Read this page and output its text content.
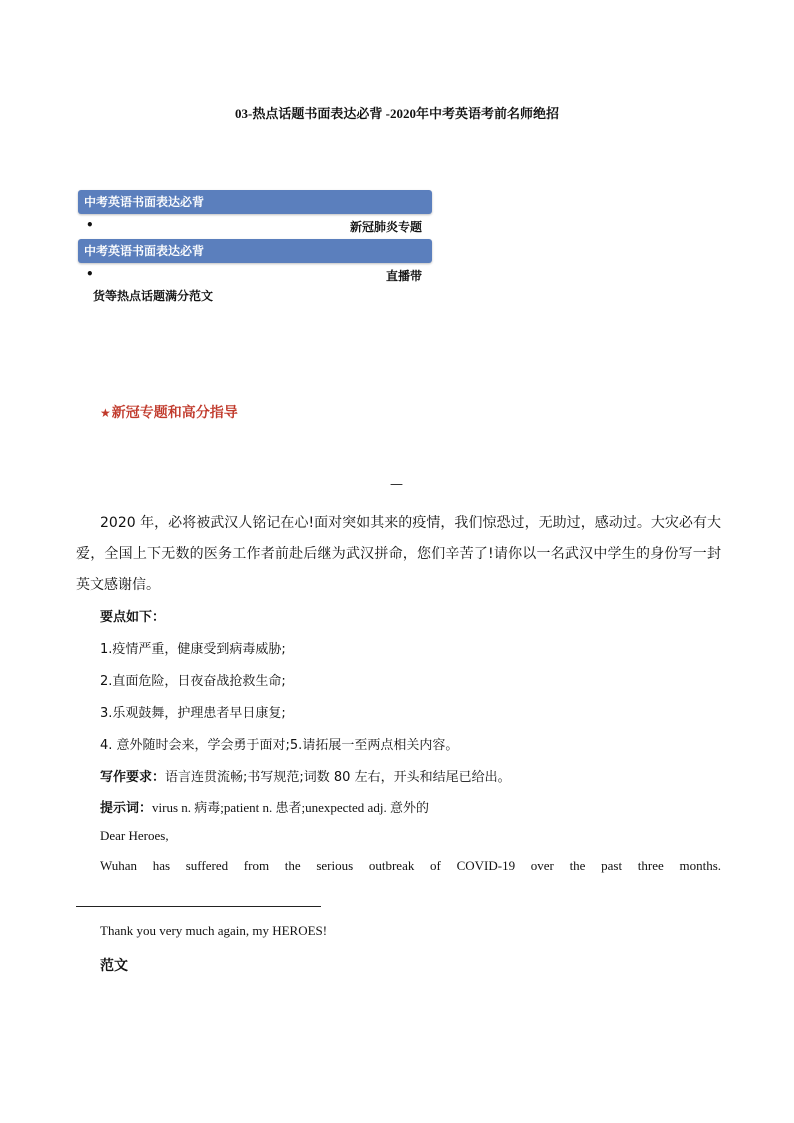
03-热点话题书面表达必背 -2020年中考英语考前名师绝招
中考英语书面表达必背
•	新冠肺炎专题
中考英语书面表达必背
•	直播带
货等热点话题满分范文
★新冠专题和高分指导
—
2020 年，必将被武汉人铭记在心!面对突如其来的疫情，我们惊恐过，无助过，感动过。大灾必有大爱，全国上下无数的医务工作者前赴后继为武汉拼命，您们辛苦了!请你以一名武汉中学生的身份写一封英文感谢信。
要点如下：
1.疫情严重，健康受到病毒威胁;
2.直面危险，日夜奋战抢救生命;
3.乐观鼓舞，护理患者早日康复;
4. 意外随时会来，学会勇于面对;5.请拓展一至两点相关内容。
写作要求：语言连贯流畅;书写规范;词数 80 左右，开头和结尾已给出。
提示词：virus n. 病毒;patient n. 患者;unexpected adj. 意外的
Dear Heroes,
Wuhan has suffered from the serious outbreak of COVID-19 over the past three months.
Thank you very much again, my HEROES!
范文
